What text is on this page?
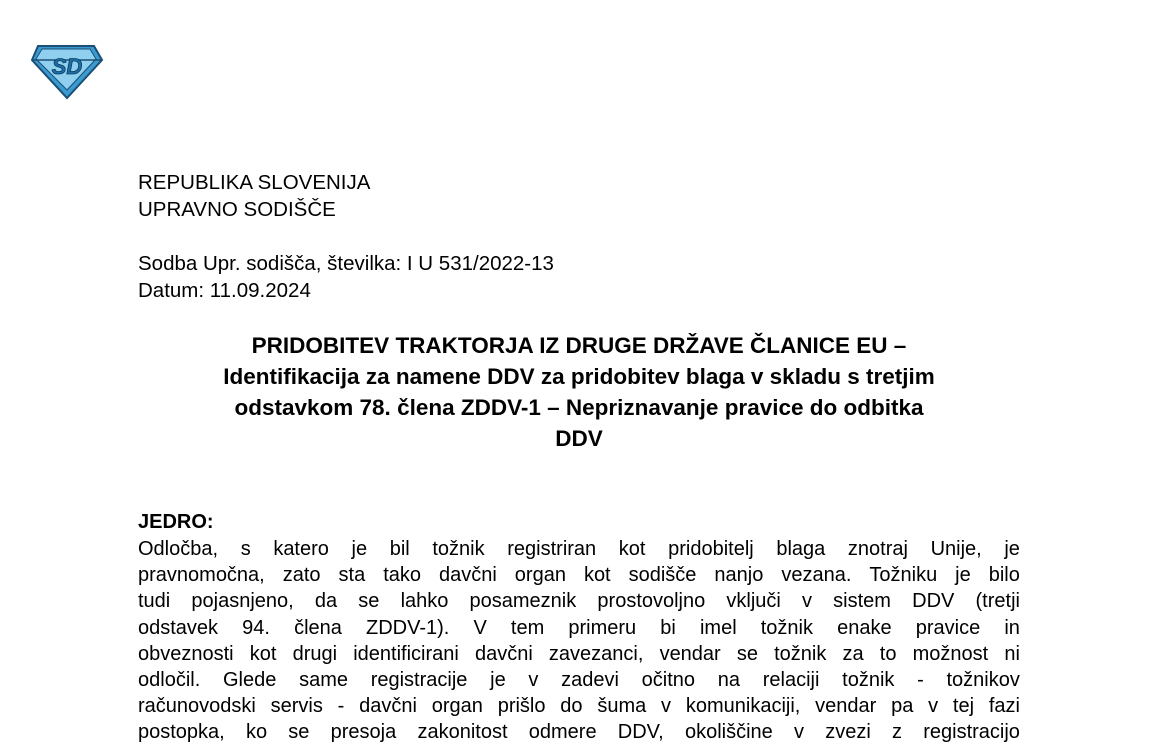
SD
REPUBLIKA SLOVENIJA
UPRAVNO SODIŠČE
Sodba Upr. sodišča, številka: I U 531/2022-13
Datum: 11.09.2024
PRIDOBITEV TRAKTORJA IZ DRUGE DRŽAVE ČLANICE EU –
Identifikacija za namene DDV za pridobitev blaga v skladu s tretjim
odstavkom 78. člena ZDDV-1 – Nepriznavanje pravice do odbitka
DDV
JEDRO:
Odločba, s katero je bil tožnik registriran kot pridobitelj blaga znotraj Unije, je
pravnomočna, zato sta tako davčni organ kot sodišče nanjo vezana. Tožniku je bilo
tudi pojasnjeno, da se lahko posameznik prostovoljno vključi v sistem DDV (tretji
odstavek 94. člena ZDDV-1). V tem primeru bi imel tožnik enake pravice in
obveznosti kot drugi identificirani davčni zavezanci, vendar se tožnik za to možnost ni
odločil. Glede same registracije je v zadevi očitno na relaciji tožnik - tožnikov
računovodski servis - davčni organ prišlo do šuma v komunikaciji, vendar pa v tej fazi
postopka, ko se presoja zakonitost odmere DDV, okoliščine v zvezi z registracijo
